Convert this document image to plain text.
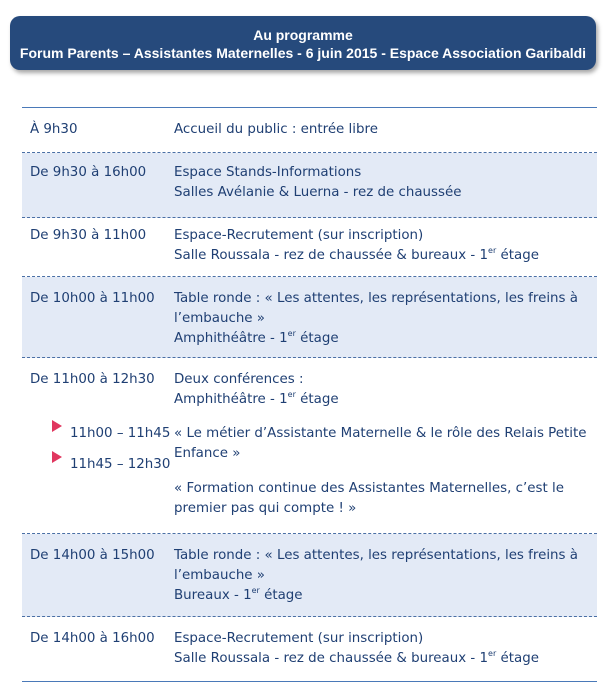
Au programme
Forum Parents – Assistantes Maternelles - 6 juin 2015 - Espace Association Garibaldi
À 9h30	Accueil du public : entrée libre
De 9h30 à 16h00 Espace Stands-Informations
Salles Avélanie & Luerna - rez de chaussée
De 9h30 à 11h00 Espace-Recrutement (sur inscription)
Salle Roussala - rez de chaussée & bureaux - 1er étage
De 10h00 à 11h00 Table ronde : « Les attentes, les représentations, les freins à
l’embauche »
Amphithéâtre - 1er étage
De 11h00 à 12h30 Deux conférences :
Amphithéâtre - 1er étage
11h00 – 11h45 « Le métier d’Assistante Maternelle & le rôle des Relais Petite
Enfance »
11h45 – 12h30
« Formation continue des Assistantes Maternelles, c’est le
premier pas qui compte ! »
De 14h00 à 15h00 Table ronde : « Les attentes, les représentations, les freins à
l’embauche »
Bureaux - 1er étage
De 14h00 à 16h00 Espace-Recrutement (sur inscription)
Salle Roussala - rez de chaussée & bureaux - 1er étage
